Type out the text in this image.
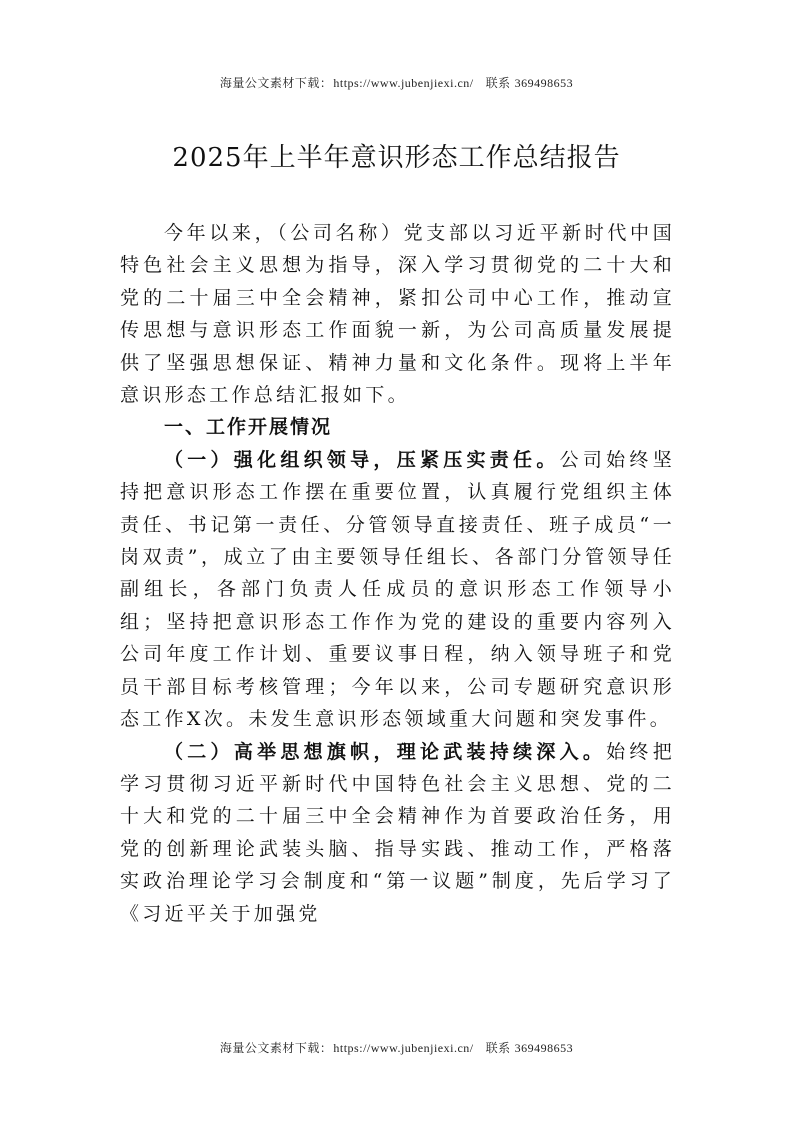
海量公文素材下载：https://www.jubenjiexi.cn/ 联系 369498653
2025年上半年意识形态工作总结报告

今年以来，（公司名称）党支部以习近平新时代中国特色社会主义思想为指导，深入学习贯彻党的二十大和党的二十届三中全会精神，紧扣公司中心工作，推动宣传思想与意识形态工作面貌一新，为公司高质量发展提供了坚强思想保证、精神力量和文化条件。现将上半年意识形态工作总结汇报如下。

一、工作开展情况

（一）强化组织领导，压紧压实责任。公司始终坚持把意识形态工作摆在重要位置，认真履行党组织主体责任、书记第一责任、分管领导直接责任、班子成员“一岗双责”，成立了由主要领导任组长、各部门分管领导任副组长，各部门负责人任成员的意识形态工作领导小组；坚持把意识形态工作作为党的建设的重要内容列入公司年度工作计划、重要议事日程，纳入领导班子和党员干部目标考核管理；今年以来，公司专题研究意识形态工作X次。未发生意识形态领域重大问题和突发事件。

（二）高举思想旗帜，理论武装持续深入。始终把学习贯彻习近平新时代中国特色社会主义思想、党的二十大和党的二十届三中全会精神作为首要政治任务，用党的创新理论武装头脑、指导实践、推动工作，严格落实政治理论学习会制度和“第一议题”制度，先后学习了《习近平关于加强党

海量公文素材下载：https://www.jubenjiexi.cn/ 联系 369498653
